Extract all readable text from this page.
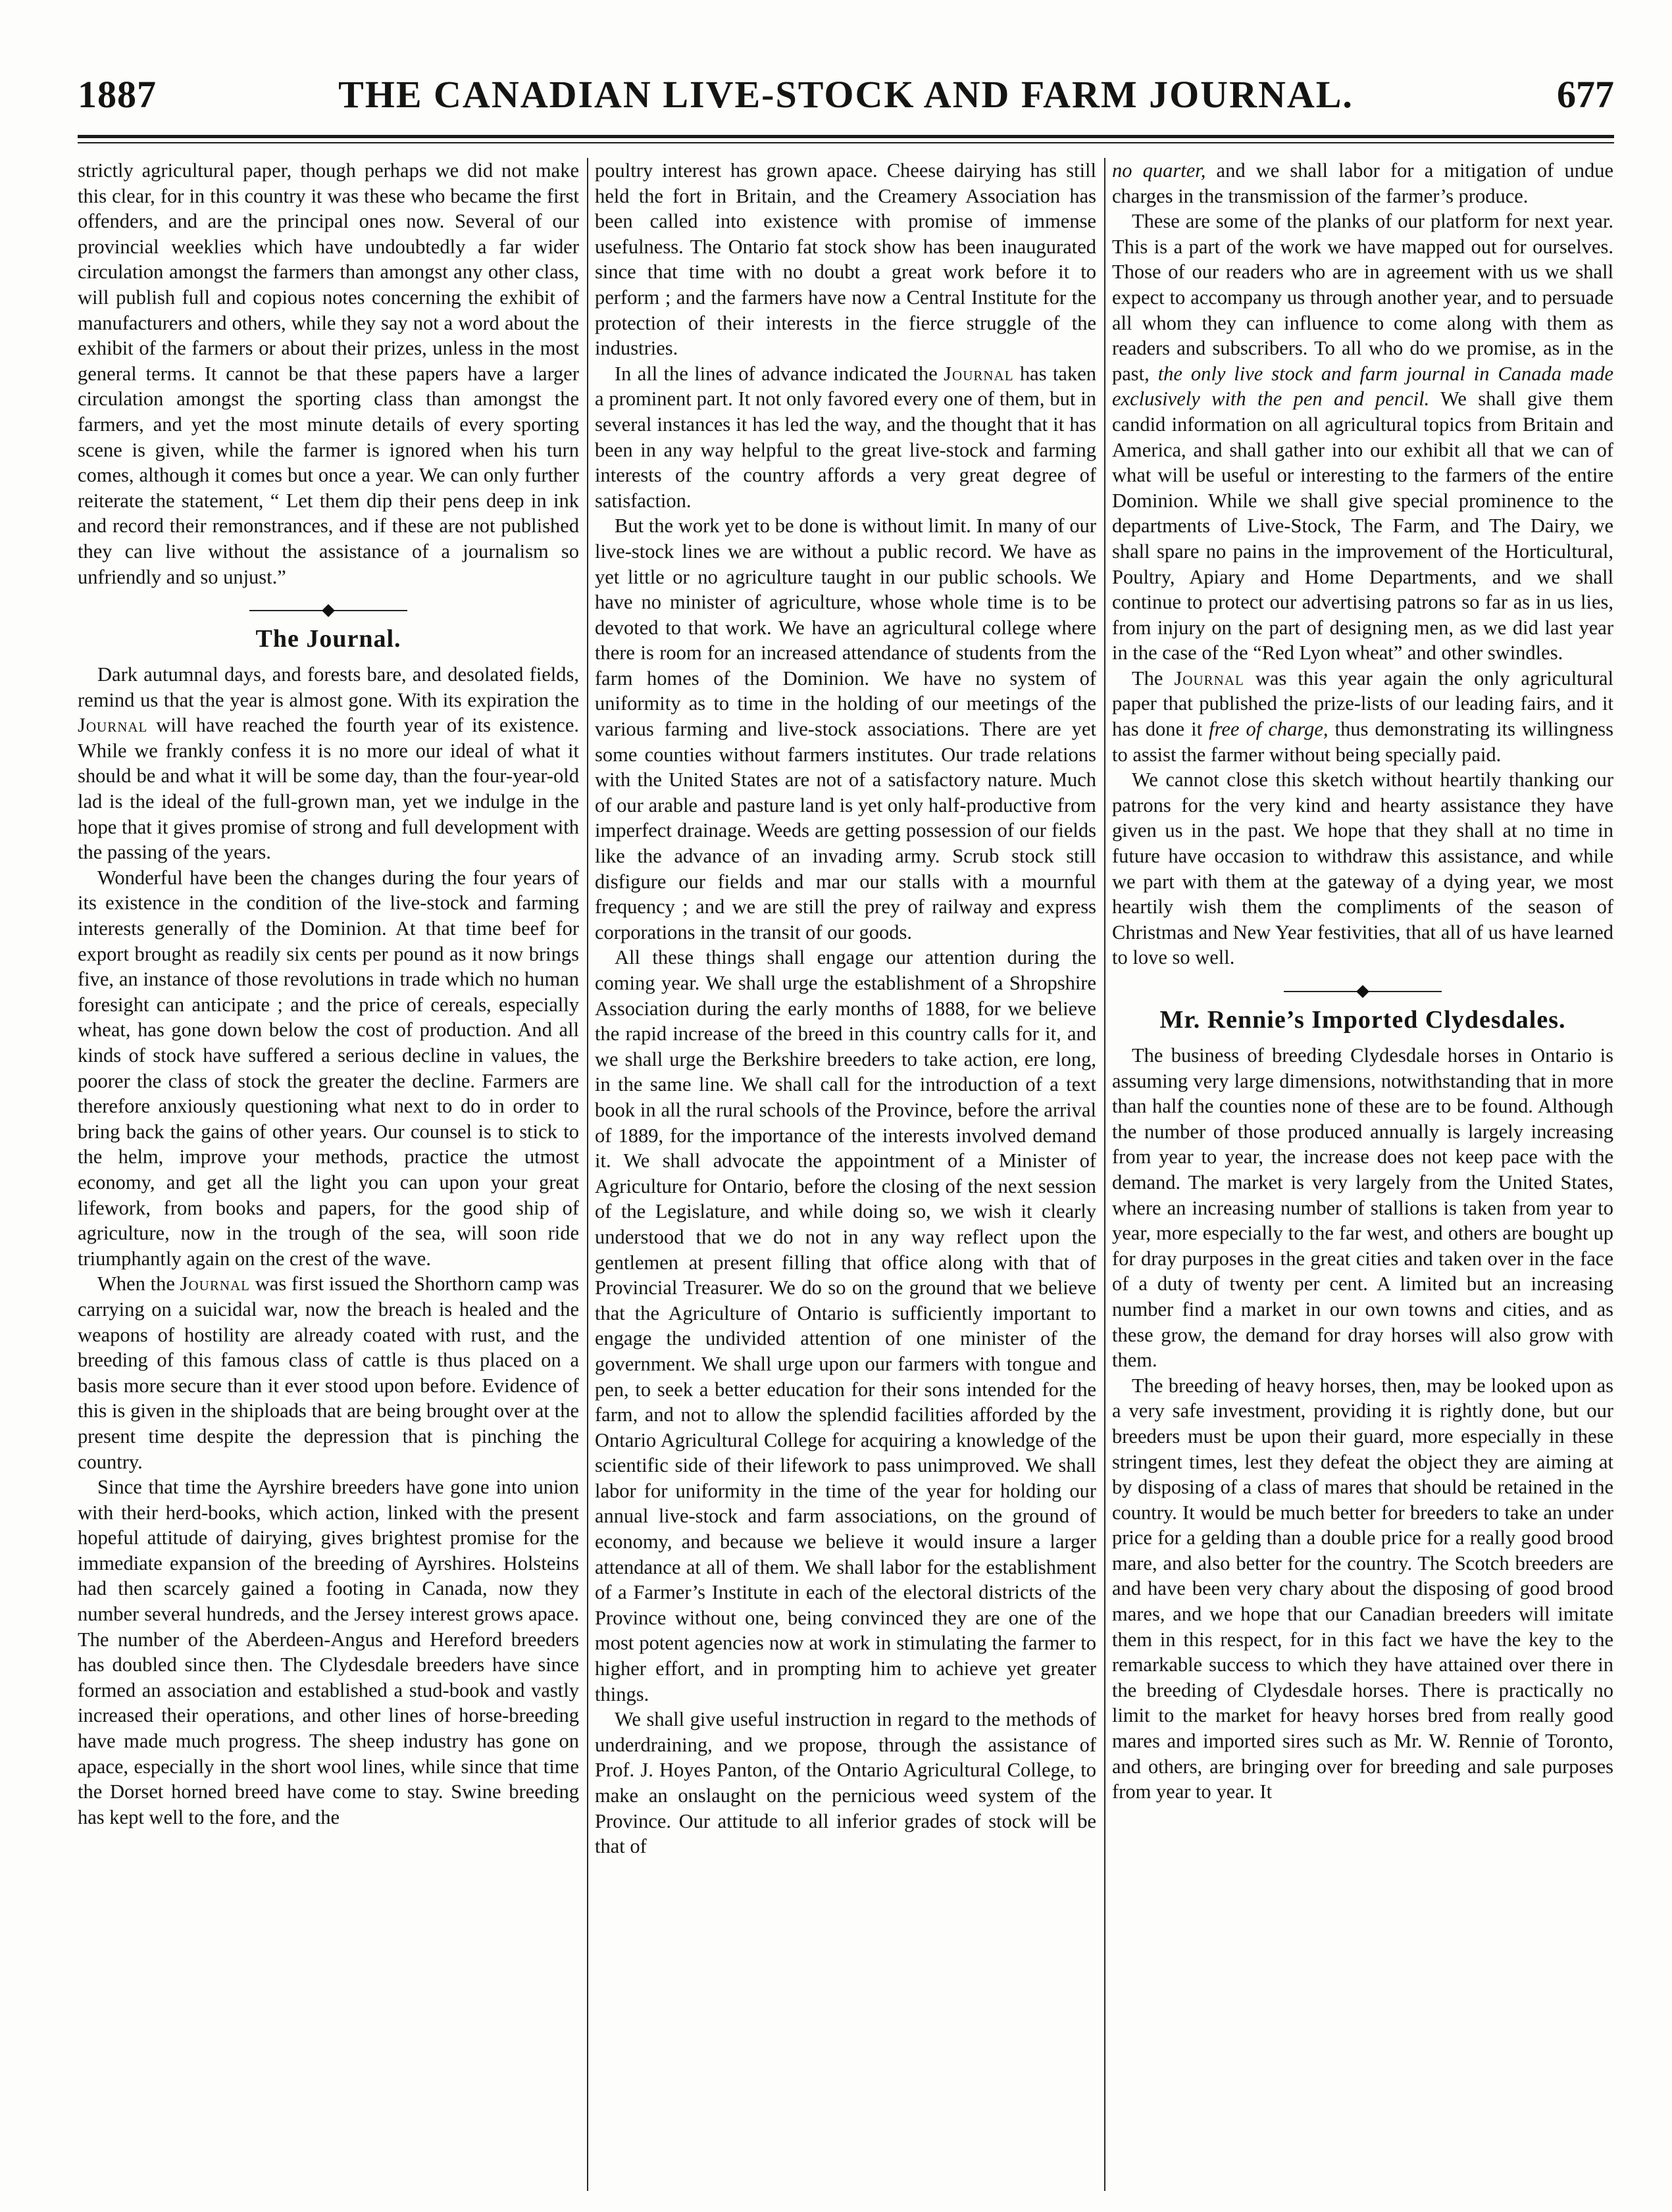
1887	THE CANADIAN LIVE-STOCK AND FARM JOURNAL.	677

strictly agricultural paper, though perhaps we did not make this clear, for in this country it was these who became the first offenders, and are the principal ones now. Several of our provincial weeklies which have undoubtedly a far wider circulation amongst the farmers than amongst any other class, will publish full and copious notes concerning the exhibit of manufacturers and others, while they say not a word about the exhibit of the farmers or about their prizes, unless in the most general terms. It cannot be that these papers have a larger circulation amongst the sporting class than amongst the farmers, and yet the most minute details of every sporting scene is given, while the farmer is ignored when his turn comes, although it comes but once a year. We can only further reiterate the statement, “ Let them dip their pens deep in ink and record their remonstrances, and if these are not published they can live without the assistance of a journalism so unfriendly and so unjust.”

The Journal.

Dark autumnal days, and forests bare, and desolated fields, remind us that the year is almost gone. With its expiration the Journal will have reached the fourth year of its existence. While we frankly confess it is no more our ideal of what it should be and what it will be some day, than the four-year-old lad is the ideal of the full-grown man, yet we indulge in the hope that it gives promise of strong and full development with the passing of the years.

Wonderful have been the changes during the four years of its existence in the condition of the live-stock and farming interests generally of the Dominion. At that time beef for export brought as readily six cents per pound as it now brings five, an instance of those revolutions in trade which no human foresight can anticipate ; and the price of cereals, especially wheat, has gone down below the cost of production. And all kinds of stock have suffered a serious decline in values, the poorer the class of stock the greater the decline. Farmers are therefore anxiously questioning what next to do in order to bring back the gains of other years. Our counsel is to stick to the helm, improve your methods, practice the utmost economy, and get all the light you can upon your great lifework, from books and papers, for the good ship of agriculture, now in the trough of the sea, will soon ride triumphantly again on the crest of the wave.

When the Journal was first issued the Shorthorn camp was carrying on a suicidal war, now the breach is healed and the weapons of hostility are already coated with rust, and the breeding of this famous class of cattle is thus placed on a basis more secure than it ever stood upon before. Evidence of this is given in the shiploads that are being brought over at the present time despite the depression that is pinching the country.

Since that time the Ayrshire breeders have gone into union with their herd-books, which action, linked with the present hopeful attitude of dairying, gives brightest promise for the immediate expansion of the breeding of Ayrshires. Holsteins had then scarcely gained a footing in Canada, now they number several hundreds, and the Jersey interest grows apace. The number of the Aberdeen-Angus and Hereford breeders has doubled since then. The Clydesdale breeders have since formed an association and established a stud-book and vastly increased their operations, and other lines of horse-breeding have made much progress. The sheep industry has gone on apace, especially in the short wool lines, while since that time the Dorset horned breed have come to stay. Swine breeding has kept well to the fore, and the

poultry interest has grown apace. Cheese dairying has still held the fort in Britain, and the Creamery Association has been called into existence with promise of immense usefulness. The Ontario fat stock show has been inaugurated since that time with no doubt a great work before it to perform ; and the farmers have now a Central Institute for the protection of their interests in the fierce struggle of the industries.

In all the lines of advance indicated the Journal has taken a prominent part. It not only favored every one of them, but in several instances it has led the way, and the thought that it has been in any way helpful to the great live-stock and farming interests of the country affords a very great degree of satisfaction.

But the work yet to be done is without limit. In many of our live-stock lines we are without a public record. We have as yet little or no agriculture taught in our public schools. We have no minister of agriculture, whose whole time is to be devoted to that work. We have an agricultural college where there is room for an increased attendance of students from the farm homes of the Dominion. We have no system of uniformity as to time in the holding of our meetings of the various farming and live-stock associations. There are yet some counties without farmers institutes. Our trade relations with the United States are not of a satisfactory nature. Much of our arable and pasture land is yet only half-productive from imperfect drainage. Weeds are getting possession of our fields like the advance of an invading army. Scrub stock still disfigure our fields and mar our stalls with a mournful frequency ; and we are still the prey of railway and express corporations in the transit of our goods.

All these things shall engage our attention during the coming year. We shall urge the establishment of a Shropshire Association during the early months of 1888, for we believe the rapid increase of the breed in this country calls for it, and we shall urge the Berkshire breeders to take action, ere long, in the same line. We shall call for the introduction of a text book in all the rural schools of the Province, before the arrival of 1889, for the importance of the interests involved demand it. We shall advocate the appointment of a Minister of Agriculture for Ontario, before the closing of the next session of the Legislature, and while doing so, we wish it clearly understood that we do not in any way reflect upon the gentlemen at present filling that office along with that of Provincial Treasurer. We do so on the ground that we believe that the Agriculture of Ontario is sufficiently important to engage the undivided attention of one minister of the government. We shall urge upon our farmers with tongue and pen, to seek a better education for their sons intended for the farm, and not to allow the splendid facilities afforded by the Ontario Agricultural College for acquiring a knowledge of the scientific side of their lifework to pass unimproved. We shall labor for uniformity in the time of the year for holding our annual live-stock and farm associations, on the ground of economy, and because we believe it would insure a larger attendance at all of them. We shall labor for the establishment of a Farmer’s Institute in each of the electoral districts of the Province without one, being convinced they are one of the most potent agencies now at work in stimulating the farmer to higher effort, and in prompting him to achieve yet greater things.

We shall give useful instruction in regard to the methods of underdraining, and we propose, through the assistance of Prof. J. Hoyes Panton, of the Ontario Agricultural College, to make an onslaught on the pernicious weed system of the Province. Our attitude to all inferior grades of stock will be that of

no quarter, and we shall labor for a mitigation of undue charges in the transmission of the farmer’s produce.

These are some of the planks of our platform for next year. This is a part of the work we have mapped out for ourselves. Those of our readers who are in agreement with us we shall expect to accompany us through another year, and to persuade all whom they can influence to come along with them as readers and subscribers. To all who do we promise, as in the past, the only live stock and farm journal in Canada made exclusively with the pen and pencil. We shall give them candid information on all agricultural topics from Britain and America, and shall gather into our exhibit all that we can of what will be useful or interesting to the farmers of the entire Dominion. While we shall give special prominence to the departments of Live-Stock, The Farm, and The Dairy, we shall spare no pains in the improvement of the Horticultural, Poultry, Apiary and Home Departments, and we shall continue to protect our advertising patrons so far as in us lies, from injury on the part of designing men, as we did last year in the case of the “Red Lyon wheat” and other swindles.

The Journal was this year again the only agricultural paper that published the prize-lists of our leading fairs, and it has done it free of charge, thus demonstrating its willingness to assist the farmer without being specially paid.

We cannot close this sketch without heartily thanking our patrons for the very kind and hearty assistance they have given us in the past. We hope that they shall at no time in future have occasion to withdraw this assistance, and while we part with them at the gateway of a dying year, we most heartily wish them the compliments of the season of Christmas and New Year festivities, that all of us have learned to love so well.

Mr. Rennie’s Imported Clydesdales.

The business of breeding Clydesdale horses in Ontario is assuming very large dimensions, notwithstanding that in more than half the counties none of these are to be found. Although the number of those produced annually is largely increasing from year to year, the increase does not keep pace with the demand. The market is very largely from the United States, where an increasing number of stallions is taken from year to year, more especially to the far west, and others are bought up for dray purposes in the great cities and taken over in the face of a duty of twenty per cent. A limited but an increasing number find a market in our own towns and cities, and as these grow, the demand for dray horses will also grow with them.

The breeding of heavy horses, then, may be looked upon as a very safe investment, providing it is rightly done, but our breeders must be upon their guard, more especially in these stringent times, lest they defeat the object they are aiming at by disposing of a class of mares that should be retained in the country. It would be much better for breeders to take an under price for a gelding than a double price for a really good brood mare, and also better for the country. The Scotch breeders are and have been very chary about the disposing of good brood mares, and we hope that our Canadian breeders will imitate them in this respect, for in this fact we have the key to the remarkable success to which they have attained over there in the breeding of Clydesdale horses. There is practically no limit to the market for heavy horses bred from really good mares and imported sires such as Mr. W. Rennie of Toronto, and others, are bringing over for breeding and sale purposes from year to year. It
